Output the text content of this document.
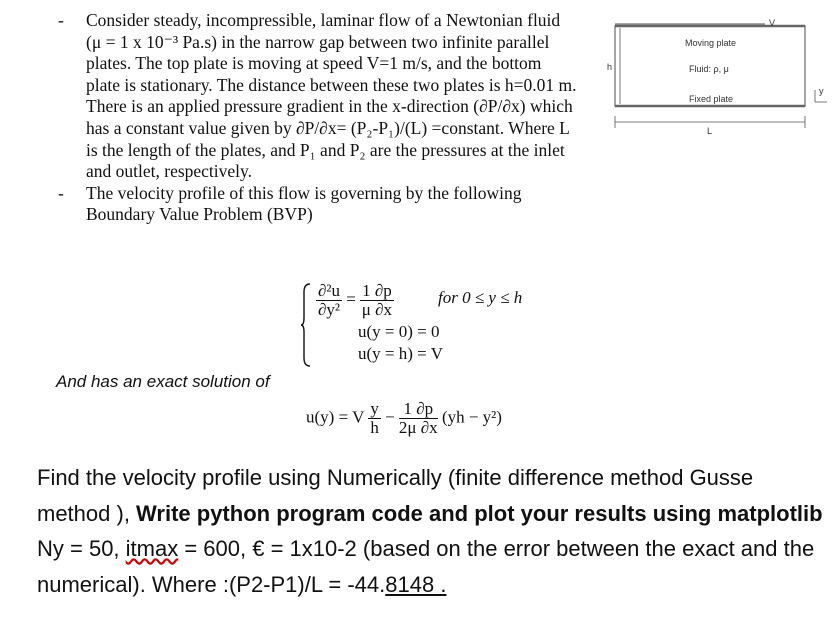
- Consider steady, incompressible, laminar flow of a Newtonian fluid (μ = 1 x 10⁻³ Pa.s) in the narrow gap between two infinite parallel plates. The top plate is moving at speed V=1 m/s, and the bottom plate is stationary. The distance between these two plates is h=0.01 m. There is an applied pressure gradient in the x-direction (∂P/∂x) which has a constant value given by ∂P/∂x= (P₂-P₁)/(L) =constant. Where L is the length of the plates, and P₁ and P₂ are the pressures at the inlet and outlet, respectively.
- The velocity profile of this flow is governing by the following Boundary Value Problem (BVP)
$\frac{\text{∂²u}}{\text{∂y²}} = \frac{1 \partial p}{\mu \partial x}$	for 0 ≤ y ≤ h
u(y = 0) = 0
u(y = h) = V
And has an exact solution of
u(y) = V $\frac{y}{h} - \frac{1 \partial p}{2\mu \partial x} (yh - y^2)$
V
Moving plate
Fluid: ρ, μ
Fixed plate
h
L
y
Find the velocity profile using Numerically (finite difference method Gusse method ), Write python program code and plot your results using matplotlib Ny = 50, itmax = 600, € = 1x10-2 (based on the error between the exact and the numerical). Where :(P2-P1)/L = -44.8148 .
